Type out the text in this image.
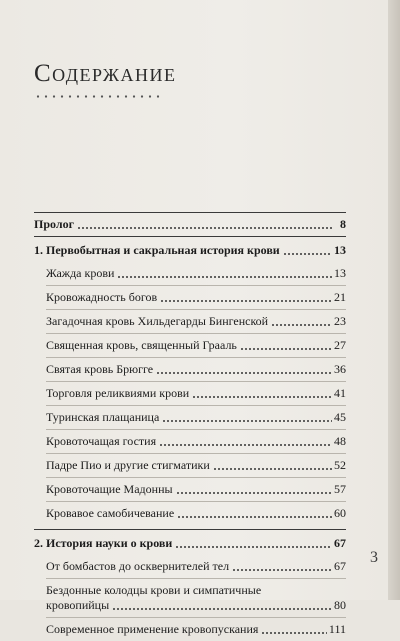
Содержание
Пролог	8
1. Первобытная и сакральная история крови	13
Жажда крови	13
Кровожадность богов	21
Загадочная кровь Хильдегарды Бингенской	23
Священная кровь, священный Грааль	27
Святая кровь Брюгге	36
Торговля реликвиями крови	41
Туринская плащаница	45
Кровоточащая гостия	48
Падре Пио и другие стигматики	52
Кровоточащие Мадонны	57
Кровавое самобичевание	60
2. История науки о крови	67
От бомбастов до осквернителей тел	67
Бездонные колодцы крови и симпатичные
кровопийцы	80
Современное применение кровопускания	111
3
